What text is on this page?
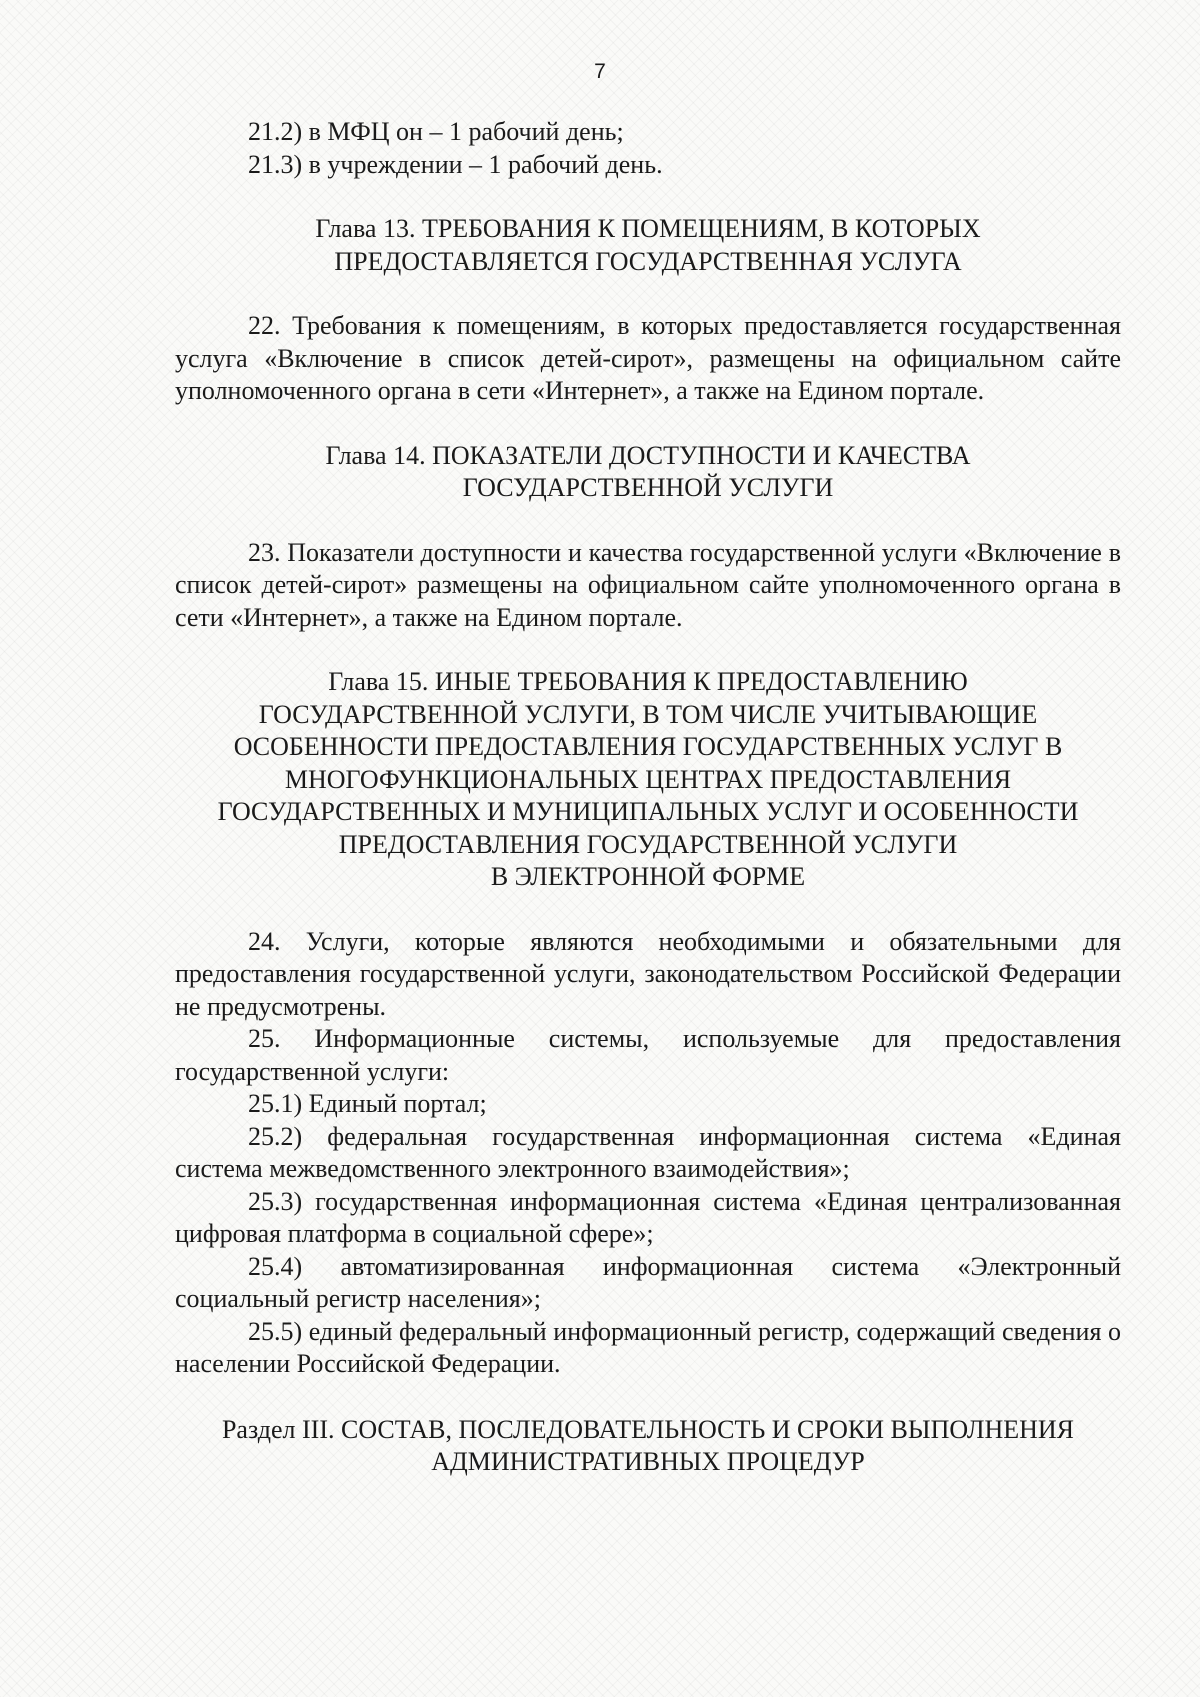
7

21.2) в МФЦ он – 1 рабочий день;

21.3) в учреждении – 1 рабочий день.

Глава 13. ТРЕБОВАНИЯ К ПОМЕЩЕНИЯМ, В КОТОРЫХ
ПРЕДОСТАВЛЯЕТСЯ ГОСУДАРСТВЕННАЯ УСЛУГА

22. Требования к помещениям, в которых предоставляется государственная услуга «Включение в список детей-сирот», размещены на официальном сайте уполномоченного органа в сети «Интернет», а также на Едином портале.

Глава 14. ПОКАЗАТЕЛИ ДОСТУПНОСТИ И КАЧЕСТВА
ГОСУДАРСТВЕННОЙ УСЛУГИ

23. Показатели доступности и качества государственной услуги «Включение в список детей-сирот» размещены на официальном сайте уполномоченного органа в сети «Интернет», а также на Едином портале.

Глава 15. ИНЫЕ ТРЕБОВАНИЯ К ПРЕДОСТАВЛЕНИЮ
ГОСУДАРСТВЕННОЙ УСЛУГИ, В ТОМ ЧИСЛЕ УЧИТЫВАЮЩИЕ
ОСОБЕННОСТИ ПРЕДОСТАВЛЕНИЯ ГОСУДАРСТВЕННЫХ УСЛУГ В
МНОГОФУНКЦИОНАЛЬНЫХ ЦЕНТРАХ ПРЕДОСТАВЛЕНИЯ
ГОСУДАРСТВЕННЫХ И МУНИЦИПАЛЬНЫХ УСЛУГ И ОСОБЕННОСТИ
ПРЕДОСТАВЛЕНИЯ ГОСУДАРСТВЕННОЙ УСЛУГИ
В ЭЛЕКТРОННОЙ ФОРМЕ

24. Услуги, которые являются необходимыми и обязательными для предоставления государственной услуги, законодательством Российской Федерации не предусмотрены.

25. Информационные системы, используемые для предоставления государственной услуги:

25.1) Единый портал;

25.2) федеральная государственная информационная система «Единая система межведомственного электронного взаимодействия»;

25.3) государственная информационная система «Единая централизованная цифровая платформа в социальной сфере»;

25.4) автоматизированная информационная система «Электронный социальный регистр населения»;

25.5) единый федеральный информационный регистр, содержащий сведения о населении Российской Федерации.

Раздел III. СОСТАВ, ПОСЛЕДОВАТЕЛЬНОСТЬ И СРОКИ ВЫПОЛНЕНИЯ
АДМИНИСТРАТИВНЫХ ПРОЦЕДУР
